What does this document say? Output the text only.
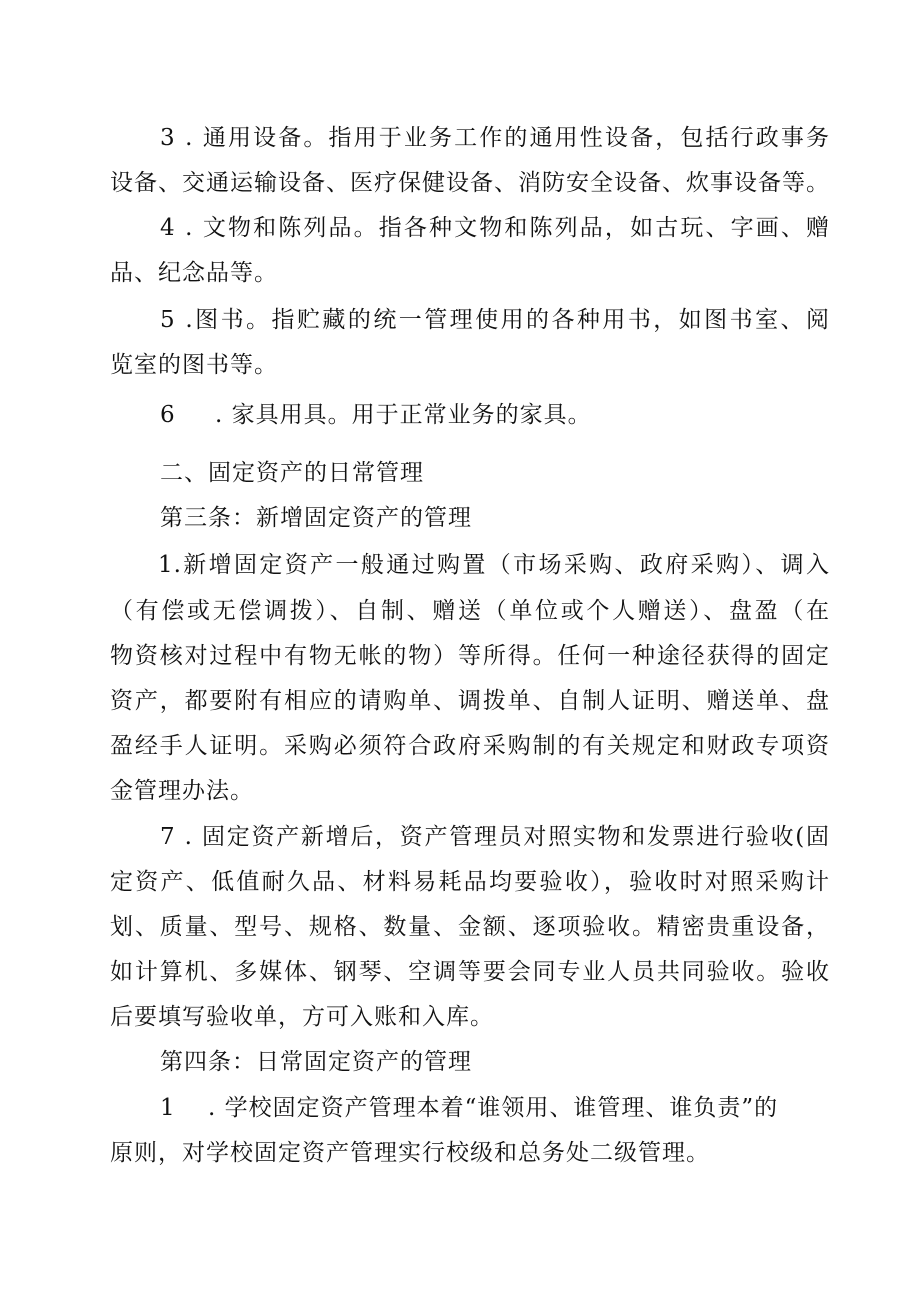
3 . 通用设备。指用于业务工作的通用性设备，包括行政事务
设备、交通运输设备、医疗保健设备、消防安全设备、炊事设备等。
4 . 文物和陈列品。指各种文物和陈列品，如古玩、字画、赠
品、纪念品等。
5 .图书。指贮藏的统一管理使用的各种用书，如图书室、阅
览室的图书等。
6 . 家具用具。用于正常业务的家具。
二、固定资产的日常管理
第三条：新增固定资产的管理
1.新增固定资产一般通过购置（市场采购、政府采购）、调入
（有偿或无偿调拨）、自制、赠送（单位或个人赠送）、盘盈（在
物资核对过程中有物无帐的物）等所得。任何一种途径获得的固定
资产，都要附有相应的请购单、调拨单、自制人证明、赠送单、盘
盈经手人证明。采购必须符合政府采购制的有关规定和财政专项资
金管理办法。
7 . 固定资产新增后，资产管理员对照实物和发票进行验收(固
定资产、低值耐久品、材料易耗品均要验收），验收时对照采购计
划、质量、型号、规格、数量、金额、逐项验收。精密贵重设备，
如计算机、多媒体、钢琴、空调等要会同专业人员共同验收。验收
后要填写验收单，方可入账和入库。
第四条：日常固定资产的管理
1 . 学校固定资产管理本着“谁领用、谁管理、谁负责”的
原则，对学校固定资产管理实行校级和总务处二级管理。
